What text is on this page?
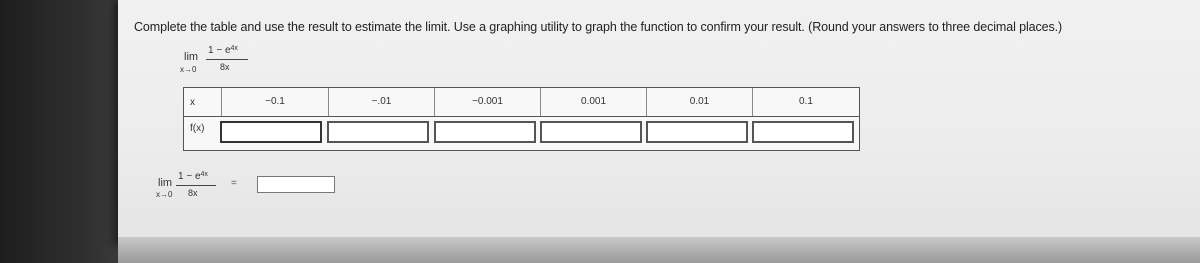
Complete the table and use the result to estimate the limit. Use a graphing utility to graph the function to confirm your result. (Round your answers to three decimal places.)
lim
x→0
$1 - e^{4x}$
8x
x	−0.1	−.01	−0.001	0.001	0.01	0.1
f(x)
lim
x→0
$1 - e^{4x}$
8x
=
